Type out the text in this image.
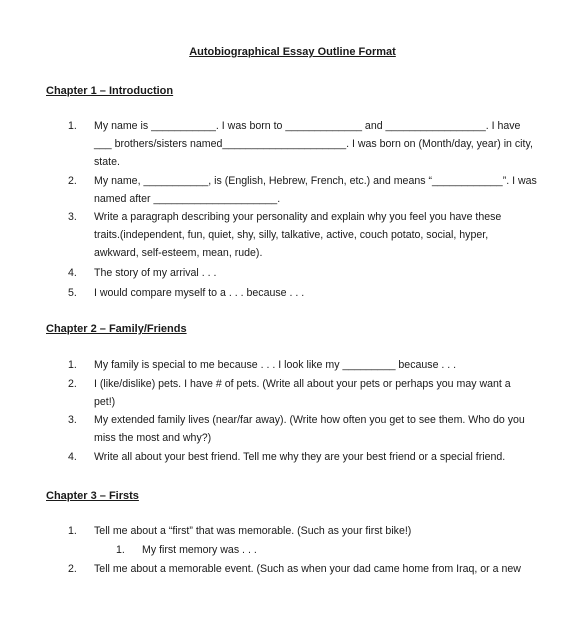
Autobiographical Essay Outline Format
Chapter 1 – Introduction
1.	My name is ___________. I was born to _____________ and _________________. I have
___ brothers/sisters named_____________________. I was born on (Month/day, year) in city,
state.
2.	My name, ___________, is (English, Hebrew, French, etc.) and means “____________”. I was
named after _____________________.
3.	Write a paragraph describing your personality and explain why you feel you have these
traits.(independent, fun, quiet, shy, silly, talkative, active, couch potato, social, hyper,
awkward, self-esteem, mean, rude).
4.	The story of my arrival . . .
5.	I would compare myself to a . . . because . . .
Chapter 2 – Family/Friends
1.	My family is special to me because . . . I look like my _________ because . . .
2.	I (like/dislike) pets. I have # of pets. (Write all about your pets or perhaps you may want a
pet!)
3.	My extended family lives (near/far away). (Write how often you get to see them. Who do you
miss the most and why?)
4.	Write all about your best friend. Tell me why they are your best friend or a special friend.
Chapter 3 – Firsts
1.	Tell me about a “first” that was memorable. (Such as your first bike!)
1. My first memory was . . .
2.	Tell me about a memorable event. (Such as when your dad came home from Iraq, or a new
